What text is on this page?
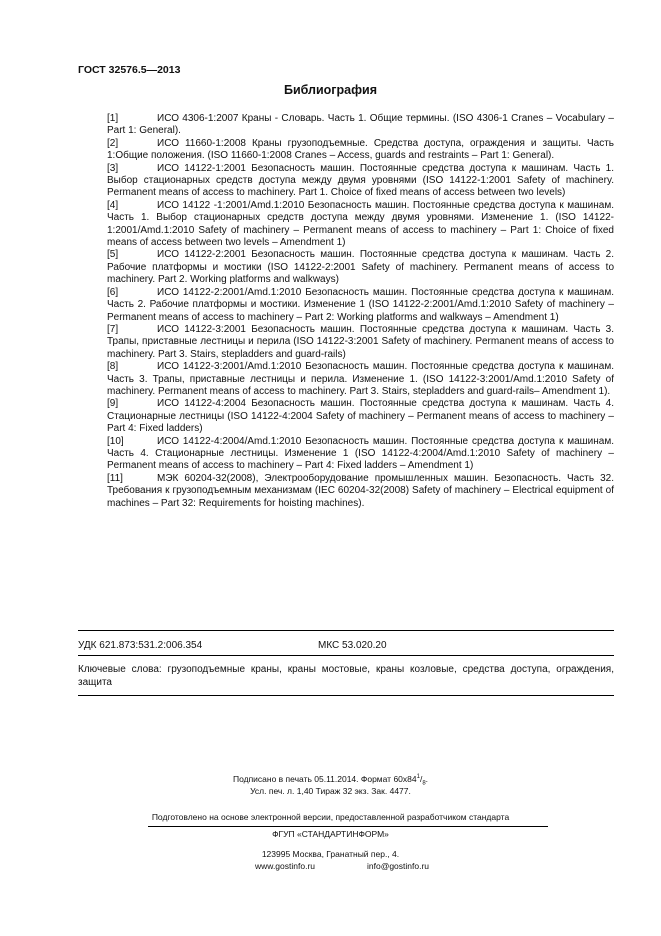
ГОСТ 32576.5—2013
Библиография

[1]	ИСО 4306-1:2007 Краны - Словарь. Часть 1. Общие термины. (ISO 4306-1 Cranes – Vocabulary – Part 1: General).

[2]	ИСО 11660-1:2008 Краны грузоподъемные. Средства доступа, ограждения и защиты. Часть 1:Общие положения. (ISO 11660-1:2008 Cranes – Access, guards and restraints – Part 1: General).

[3]	ИСО 14122-1:2001 Безопасность машин. Постоянные средства доступа к машинам. Часть 1. Выбор стационарных средств доступа между двумя уровнями (ISO 14122-1:2001 Safety of machinery. Permanent means of access to machinery. Part 1. Choice of fixed means of access between two levels)

[4]	ИСО 14122 -1:2001/Amd.1:2010 Безопасность машин. Постоянные средства доступа к машинам. Часть 1. Выбор стационарных средств доступа между двумя уровнями. Изменение 1. (ISO 14122-1:2001/Amd.1:2010 Safety of machinery – Permanent means of access to machinery – Part 1: Choice of fixed means of access between two levels – Amendment 1)

[5]	ИСО 14122-2:2001 Безопасность машин. Постоянные средства доступа к машинам. Часть 2. Рабочие платформы и мостики (ISO 14122-2:2001 Safety of machinery. Permanent means of access to machinery. Part 2. Working platforms and walkways)

[6]	ИСО 14122-2:2001/Amd.1:2010 Безопасность машин. Постоянные средства доступа к машинам. Часть 2. Рабочие платформы и мостики. Изменение 1 (ISO 14122-2:2001/Amd.1:2010 Safety of machinery – Permanent means of access to machinery – Part 2: Working platforms and walkways – Amendment 1)

[7]	ИСО 14122-3:2001 Безопасность машин. Постоянные средства доступа к машинам. Часть 3. Трапы, приставные лестницы и перила (ISO 14122-3:2001 Safety of machinery. Permanent means of access to machinery. Part 3. Stairs, stepladders and guard-rails)

[8]	ИСО 14122-3:2001/Amd.1:2010 Безопасность машин. Постоянные средства доступа к машинам. Часть 3. Трапы, приставные лестницы и перила. Изменение 1. (ISO 14122-3:2001/Amd.1:2010 Safety of machinery. Permanent means of access to machinery. Part 3. Stairs, stepladders and guard-rails– Amendment 1).

[9]	ИСО 14122-4:2004 Безопасность машин. Постоянные средства доступа к машинам. Часть 4. Стационарные лестницы (ISO 14122-4:2004 Safety of machinery – Permanent means of access to machinery – Part 4: Fixed ladders)

[10]	ИСО 14122-4:2004/Amd.1:2010 Безопасность машин. Постоянные средства доступа к машинам. Часть 4. Стационарные лестницы. Изменение 1 (ISO 14122-4:2004/Amd.1:2010 Safety of machinery – Permanent means of access to machinery – Part 4: Fixed ladders – Amendment 1)

[11]	МЭК 60204-32(2008), Электрооборудование промышленных машин. Безопасность. Часть 32. Требования к грузоподъемным механизмам (IEC 60204-32(2008) Safety of machinery – Electrical equipment of machines – Part 32: Requirements for hoisting machines).

УДК 621.873:531.2:006.354	МКС 53.020.20
Ключевые слова: грузоподъемные краны, краны мостовые, краны козловые, средства доступа, ограждения, защита
Подписано в печать 05.11.2014. Формат $60x84^1/_8$.
Усл. печ. л. 1,40 Тираж 32 экз. Зак. 4477.
Подготовлено на основе электронной версии, предоставленной разработчиком стандарта
ФГУП «СТАНДАРТИНФОРМ»
123995 Москва, Гранатный пер., 4.
www.gostinfo.ru	info@gostinfo.ru
